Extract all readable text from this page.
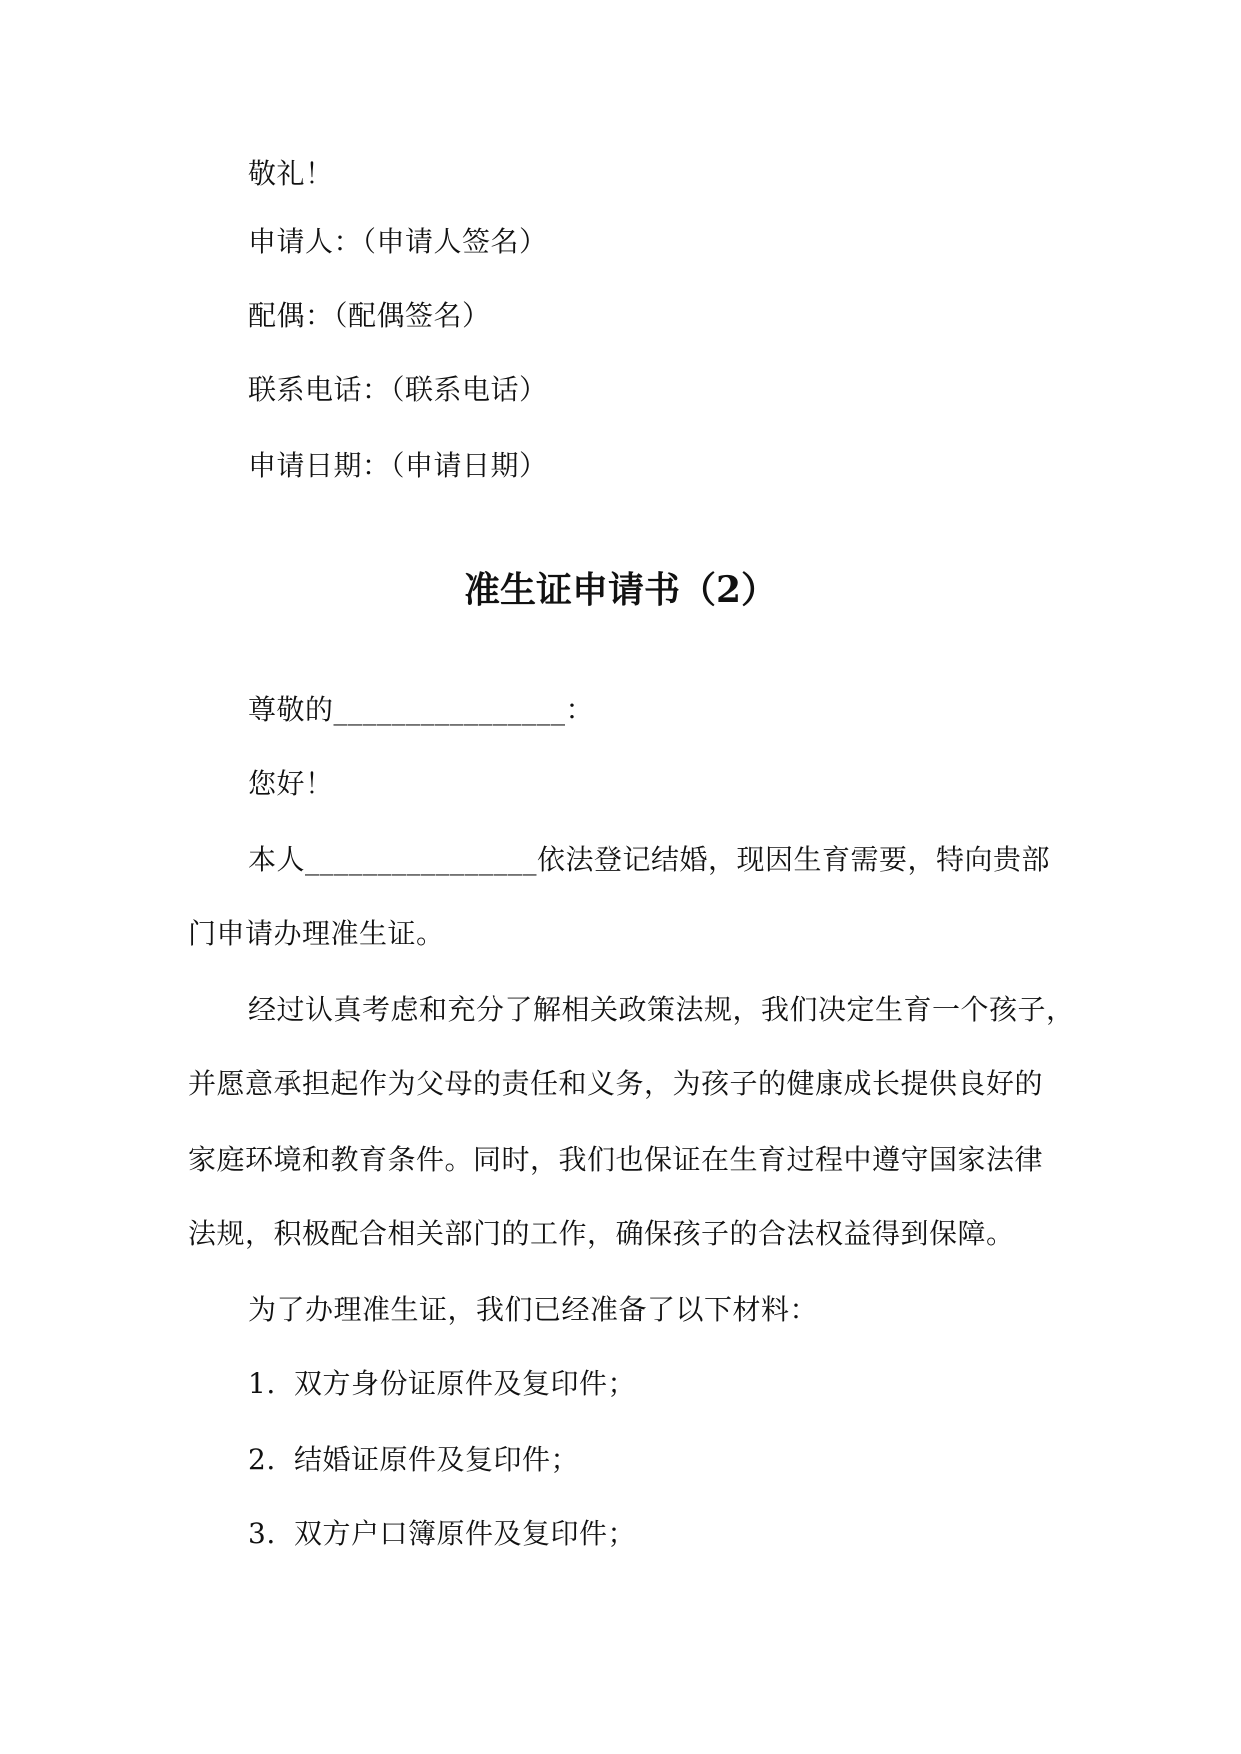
敬礼！
申请人：（申请人签名）
配偶：（配偶签名）
联系电话：（联系电话）
申请日期：（申请日期）
准生证申请书（2）
尊敬的________________：
您好！
本人________________依法登记结婚，现因生育需要，特向贵部
门申请办理准生证。
经过认真考虑和充分了解相关政策法规，我们决定生育一个孩子，
并愿意承担起作为父母的责任和义务，为孩子的健康成长提供良好的
家庭环境和教育条件。同时，我们也保证在生育过程中遵守国家法律
法规，积极配合相关部门的工作，确保孩子的合法权益得到保障。
为了办理准生证，我们已经准备了以下材料：
1. 双方身份证原件及复印件；
2. 结婚证原件及复印件；
3. 双方户口簿原件及复印件；
